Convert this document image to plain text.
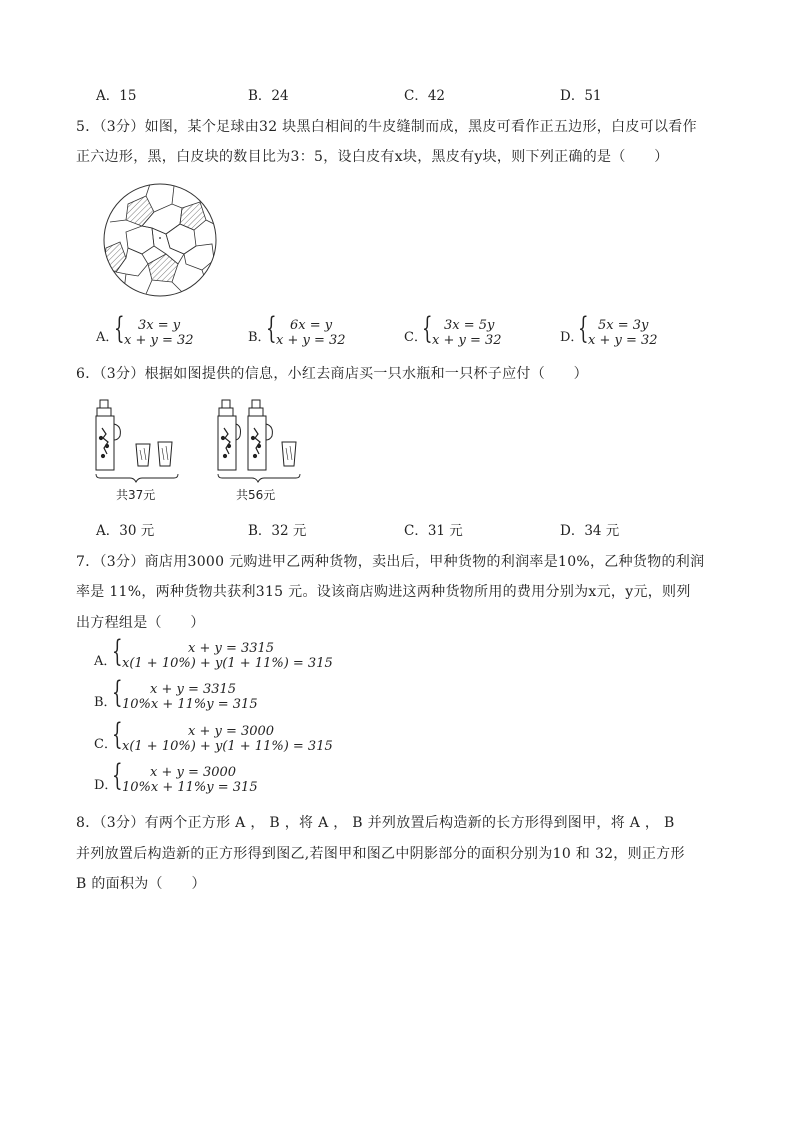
A．15	B．24	C．42	D．51
5．（3分）如图，某个足球由32 块黑白相间的牛皮缝制而成，黑皮可看作正五边形，白皮可以看作
正六边形，黑，白皮块的数目比为3：5，设白皮有x块，黑皮有y块，则下列正确的是（　　）
A．
{ 3x = y
x + y = 32	B．
{ 6x = y
x + y = 32	C．
{ 3x = 5y
x + y = 32	D．
{ 5x = 3y
x + y = 32
6．（3分）根据如图提供的信息，小红去商店买一只水瓶和一只杯子应付（　　）
共37元	共56元
A．30 元	B．32 元	C．31 元	D．34 元
7．（3分）商店用3000 元购进甲乙两种货物，卖出后，甲种货物的利润率是10%，乙种货物的利润
率是 11%，两种货物共获利315 元。设该商店购进这两种货物所用的费用分别为x元，y元，则列
出方程组是（　　）
A．
{	x + y = 3315
x(1 + 10%) + y(1 + 11%) = 315
B．
{ x + y = 3315
10%x + 11%y = 315
C．
{	x + y = 3000
x(1 + 10%) + y(1 + 11%) = 315
D．
{ x + y = 3000
10%x + 11%y = 315
8．（3分）有两个正方形 A ， B ，将 A ， B 并列放置后构造新的长方形得到图甲，将 A ， B
并列放置后构造新的正方形得到图乙,若图甲和图乙中阴影部分的面积分别为10 和 32，则正方形
B 的面积为（　　）
